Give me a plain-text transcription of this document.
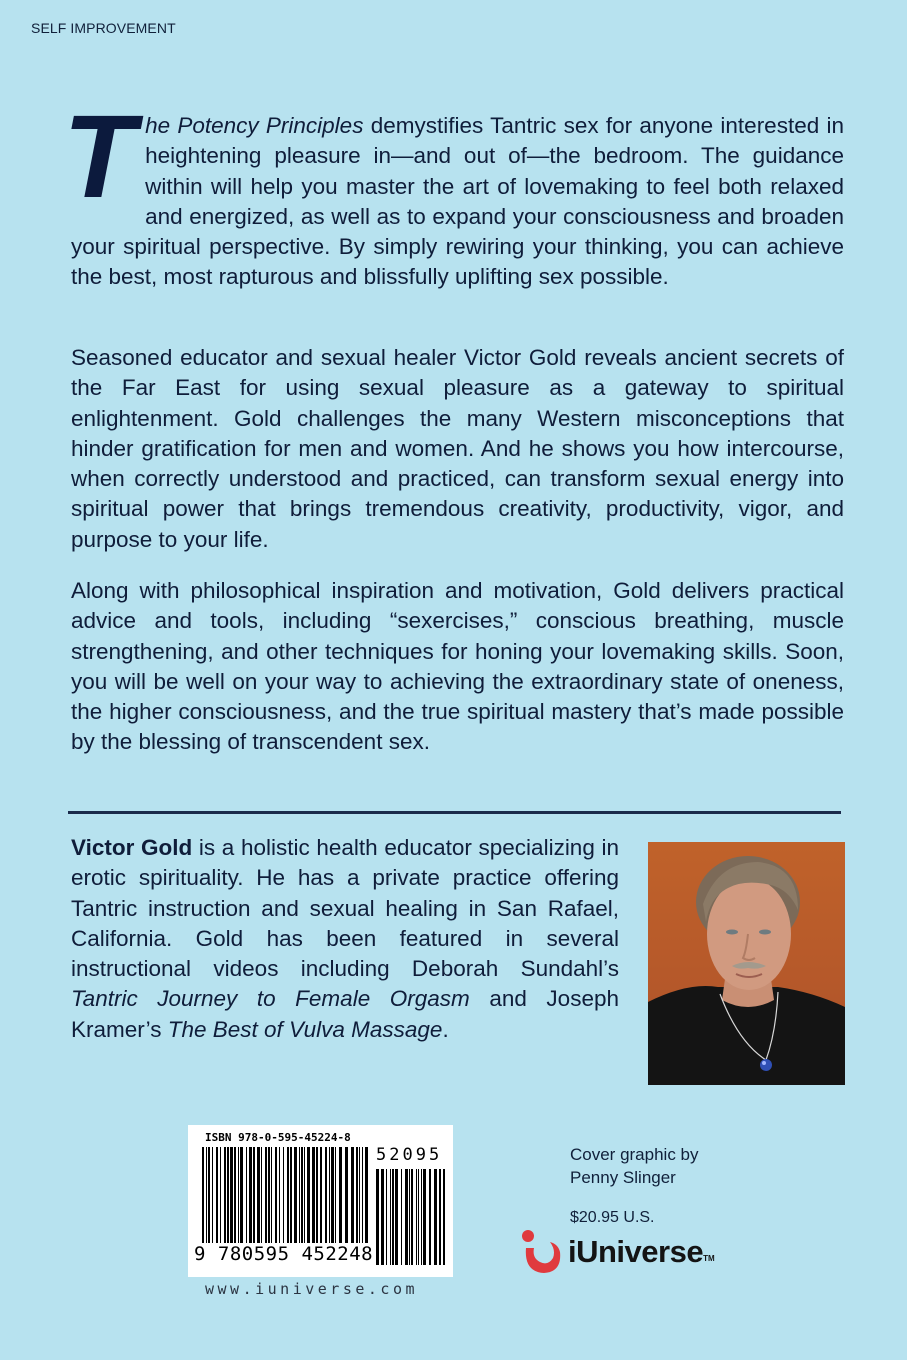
SELF IMPROVEMENT
The Potency Principles demystifies Tantric sex for anyone interested in heightening pleasure in—and out of—the bedroom. The guidance within will help you master the art of lovemaking to feel both relaxed and energized, as well as to expand your consciousness and broaden your spiritual perspective. By simply rewiring your thinking, you can achieve the best, most rapturous and blissfully uplifting sex possible.
Seasoned educator and sexual healer Victor Gold reveals ancient secrets of the Far East for using sexual pleasure as a gateway to spiritual enlightenment. Gold challenges the many Western misconceptions that hinder gratification for men and women. And he shows you how intercourse, when correctly understood and practiced, can transform sexual energy into spiritual power that brings tremendous creativity, productivity, vigor, and purpose to your life.
Along with philosophical inspiration and motivation, Gold delivers practical advice and tools, including “sexercises,” conscious breathing, muscle strengthening, and other techniques for honing your lovemaking skills. Soon, you will be well on your way to achieving the extraordinary state of oneness, the higher consciousness, and the true spiritual mastery that’s made possible by the blessing of transcendent sex.
Victor Gold is a holistic health educator specializing in erotic spirituality. He has a private practice offering Tantric instruction and sexual healing in San Rafael, California. Gold has been featured in several instructional videos including Deborah Sundahl’s Tantric Journey to Female Orgasm and Joseph Kramer’s The Best of Vulva Massage.
ISBN 978-0-595-45224-8
52095
9 780595 452248
www.iuniverse.com
Cover graphic by
Penny Slinger
$20.95 U.S.
iUniverse TM
